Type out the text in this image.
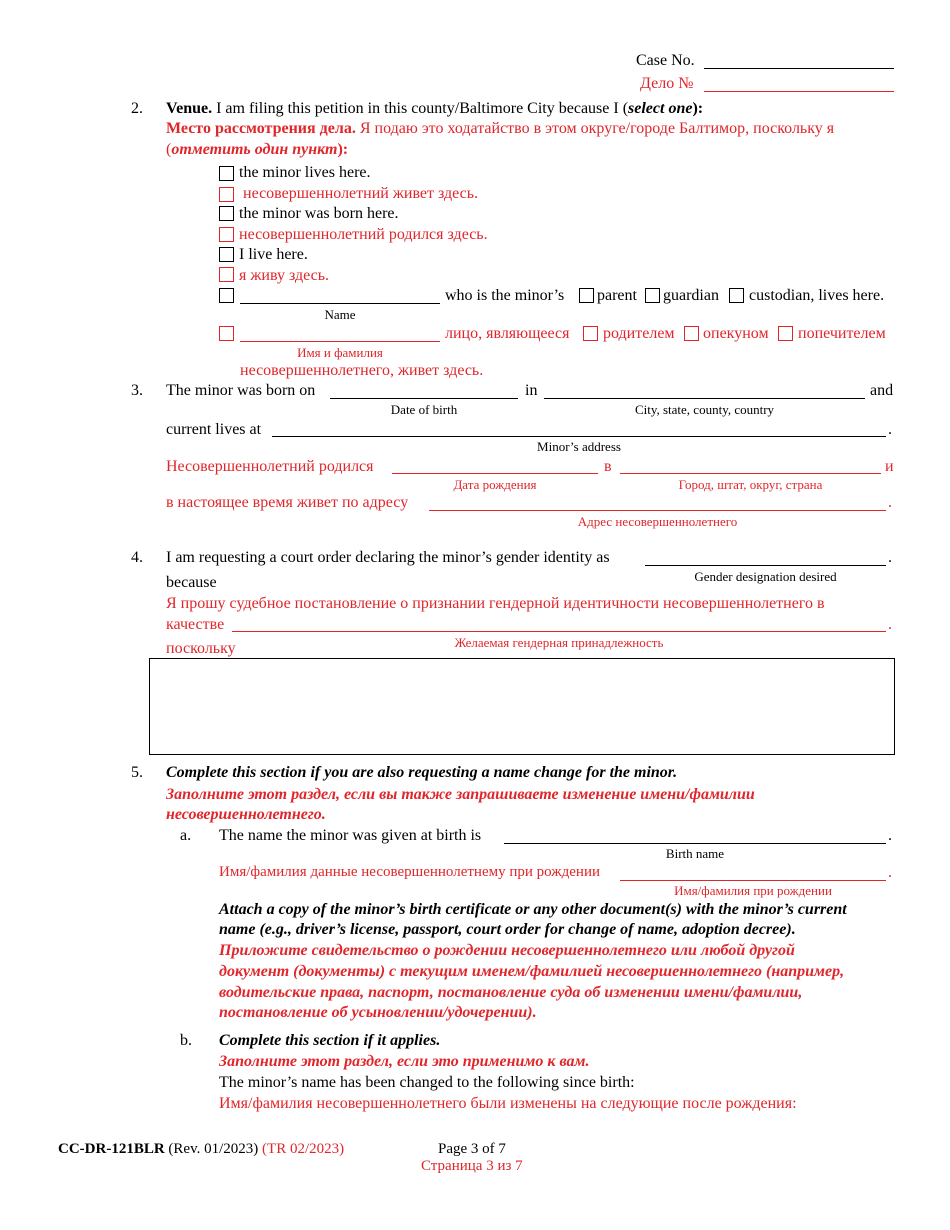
Case No.
Дело №
2. Venue. I am filing this petition in this county/Baltimore City because I (select one):
Место рассмотрения дела. Я подаю это ходатайство в этом округе/городе Балтимор, поскольку я
(отметить один пункт):
the minor lives here.
несовершеннолетний живет здесь.
the minor was born here.
несовершеннолетний родился здесь.
I live here.
я живу здесь.
who is the minor’s parent guardian custodian, lives here.
Name
лицо, являющееся родителем опекуном попечителем
Имя и фамилия
несовершеннолетнего, живет здесь.
3. The minor was born on	in	and
Date of birth	City, state, county, country
current lives at	.
Minor’s address
Несовершеннолетний родился	в	и
Дата рождения	Город, штат, округ, страна
в настоящее время живет по адресу	.
Адрес несовершеннолетнего
4. I am requesting a court order declaring the minor’s gender identity as	.
Gender designation desired
because
Я прошу судебное постановление о признании гендерной идентичности несовершеннолетнего в
качестве	.
Желаемая гендерная принадлежность
поскольку
5. Complete this section if you are also requesting a name change for the minor.
Заполните этот раздел, если вы также запрашиваете изменение имени/фамилии
несовершеннолетнего.
a. The name the minor was given at birth is	.
Birth name
Имя/фамилия данные несовершеннолетнему при рождении	.
Имя/фамилия при рождении
Attach a copy of the minor’s birth certificate or any other document(s) with the minor’s current
name (e.g., driver’s license, passport, court order for change of name, adoption decree).
Приложите свидетельство о рождении несовершеннолетнего или любой другой
документ (документы) с текущим именем/фамилией несовершеннолетнего (например,
водительские права, паспорт, постановление суда об изменении имени/фамилии,
постановление об усыновлении/удочерении).
b. Complete this section if it applies.
Заполните этот раздел, если это применимо к вам.
The minor’s name has been changed to the following since birth:
Имя/фамилия несовершеннолетнего были изменены на следующие после рождения:
CC-DR-121BLR (Rev. 01/2023) (TR 02/2023)	Page 3 of 7
Страница 3 из 7
